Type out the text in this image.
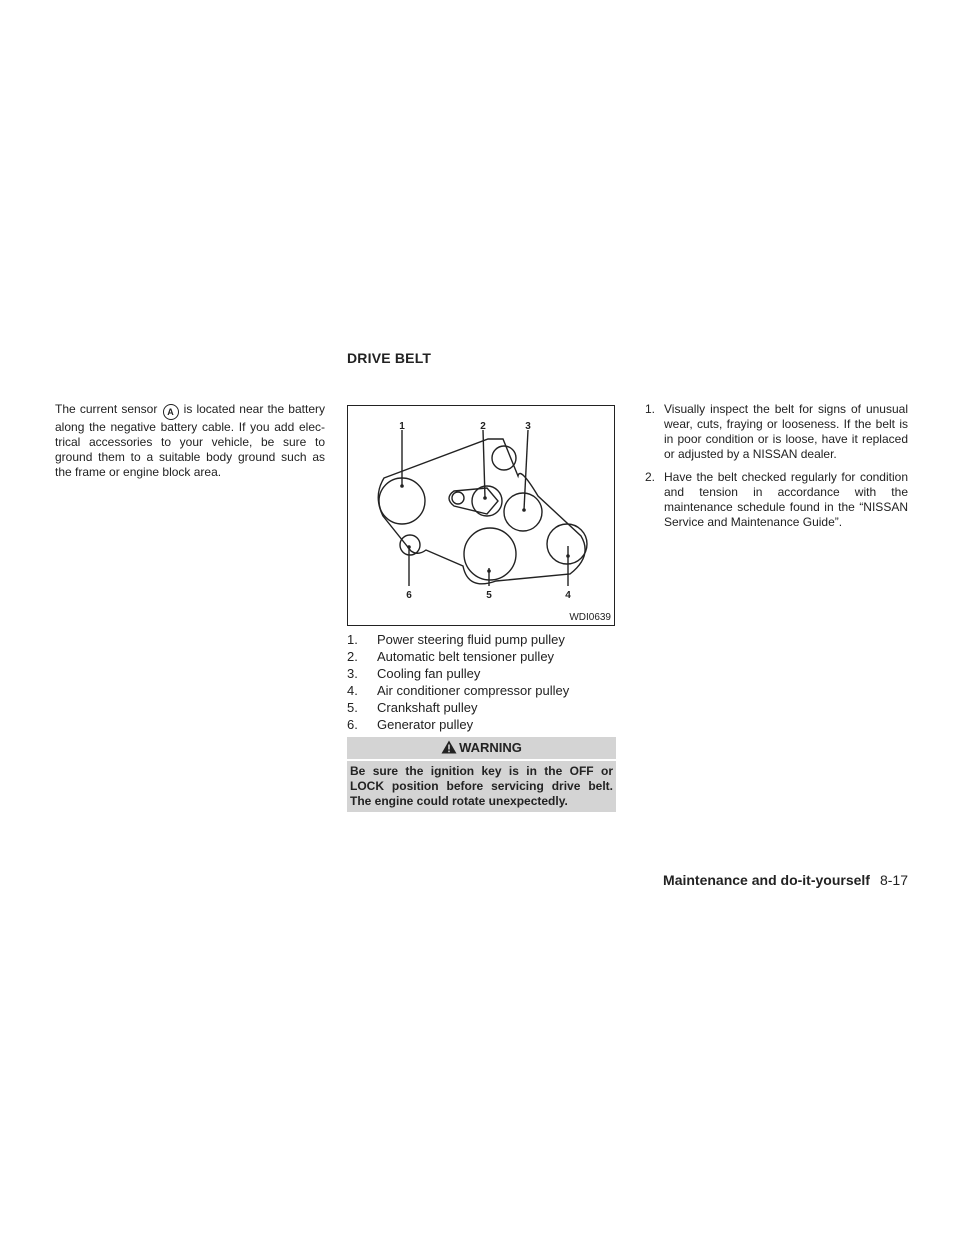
The current sensor A is located near the battery along the negative battery cable. If you add electrical accessories to your vehicle, be sure to ground them to a suitable body ground such as the frame or engine block area.
DRIVE BELT
1	2	3
4
5
6
WDI0639
1.	Power steering fluid pump pulley
2.	Automatic belt tensioner pulley
3.	Cooling fan pulley
4.	Air conditioner compressor pulley
5.	Crankshaft pulley
6.	Generator pulley
WARNING
Be sure the ignition key is in the OFF or LOCK position before servicing drive belt. The engine could rotate unexpectedly.
1. Visually inspect the belt for signs of unusual wear, cuts, fraying or looseness. If the belt is in poor condition or is loose, have it replaced or adjusted by a NISSAN dealer.
2. Have the belt checked regularly for condition and tension in accordance with the maintenance schedule found in the “NISSAN Service and Maintenance Guide”.
Maintenance and do-it-yourself 8-17
